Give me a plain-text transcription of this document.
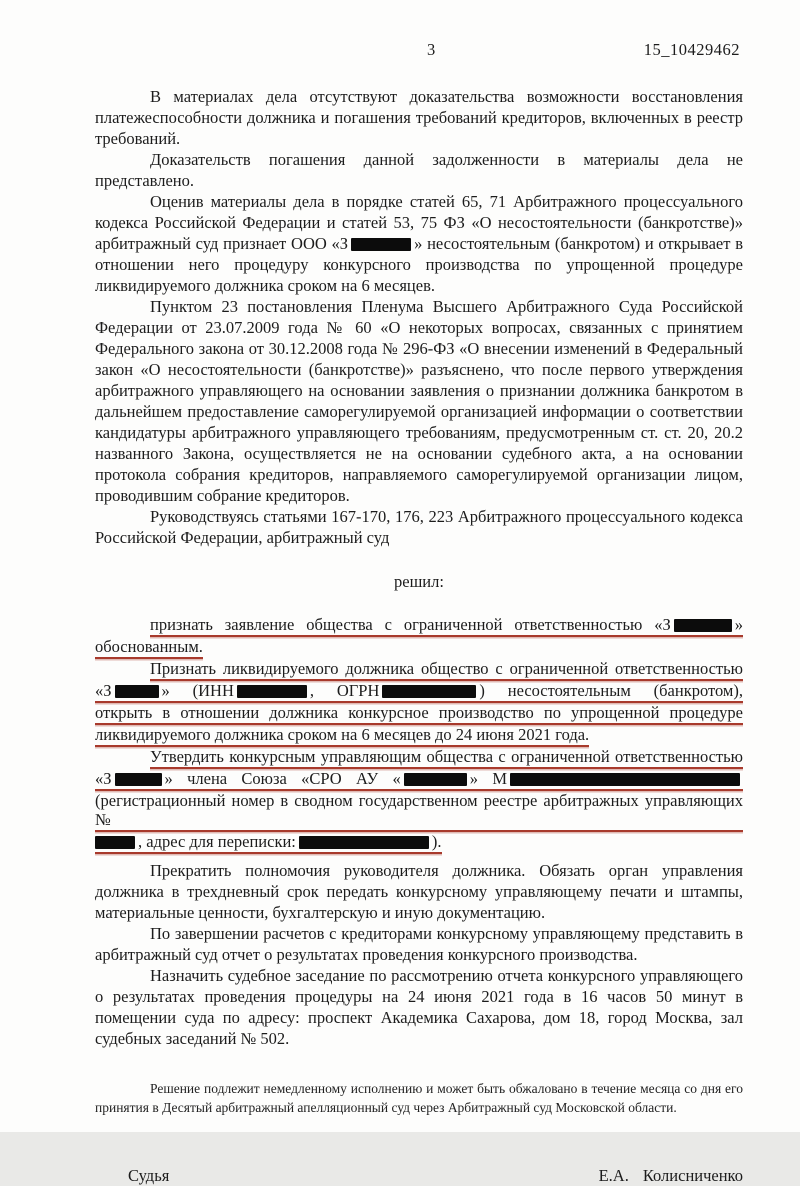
3	15_10429462

В материалах дела отсутствуют доказательства возможности восстановления платежеспособности должника и погашения требований кредиторов, включенных в реестр требований.

Доказательств погашения данной задолженности в материалы дела не представлено.

Оценив материалы дела в порядке статей 65, 71 Арбитражного процессуального кодекса Российской Федерации и статей 53, 75 ФЗ «О несостоятельности (банкротстве)» арбитражный суд признает ООО «З	» несостоятельным (банкротом) и открывает в отношении него процедуру конкурсного производства по упрощенной процедуре ликвидируемого должника сроком на 6 месяцев.

Пунктом 23 постановления Пленума Высшего Арбитражного Суда Российской Федерации от 23.07.2009 года № 60 «О некоторых вопросах, связанных с принятием Федерального закона от 30.12.2008 года № 296-ФЗ «О внесении изменений в Федеральный закон «О несостоятельности (банкротстве)» разъяснено, что после первого утверждения арбитражного управляющего на основании заявления о признании должника банкротом в дальнейшем предоставление саморегулируемой организацией информации о соответствии кандидатуры арбитражного управляющего требованиям, предусмотренным ст. ст. 20, 20.2 названного Закона, осуществляется не на основании судебного акта, а на основании протокола собрания кредиторов, направляемого саморегулируемой организации лицом, проводившим собрание кредиторов.

Руководствуясь статьями 167-170, 176, 223 Арбитражного процессуального кодекса Российской Федерации, арбитражный суд

решил:

признать заявление общества с ограниченной ответственностью «З	»
обоснованным.
Признать ликвидируемого должника общество с ограниченной ответственностью
«З	» (ИНН	, ОГРН	) несостоятельным (банкротом),
открыть в отношении должника конкурсное производство по упрощенной процедуре
ликвидируемого должника сроком на 6 месяцев до 24 июня 2021 года.
Утвердить конкурсным управляющим общества с ограниченной ответственностью
«З	» члена Союза «СРО АУ «	» М
(регистрационный номер в сводном государственном реестре арбитражных управляющих №
, адрес для переписки:	).

Прекратить полномочия руководителя должника. Обязать орган управления должника в трехдневный срок передать конкурсному управляющему печати и штампы, материальные ценности, бухгалтерскую и иную документацию.

По завершении расчетов с кредиторами конкурсному управляющему представить в арбитражный суд отчет о результатах проведения конкурсного производства.

Назначить судебное заседание по рассмотрению отчета конкурсного управляющего о результатах проведения процедуры на 24 июня 2021 года в 16 часов 50 минут в помещении суда по адресу: проспект Академика Сахарова, дом 18, город Москва, зал судебных заседаний № 502.

Решение подлежит немедленному исполнению и может быть обжаловано в течение месяца со дня его принятия в Десятый арбитражный апелляционный суд через Арбитражный суд Московской области.

Судья	Е.А. Колисниченко
